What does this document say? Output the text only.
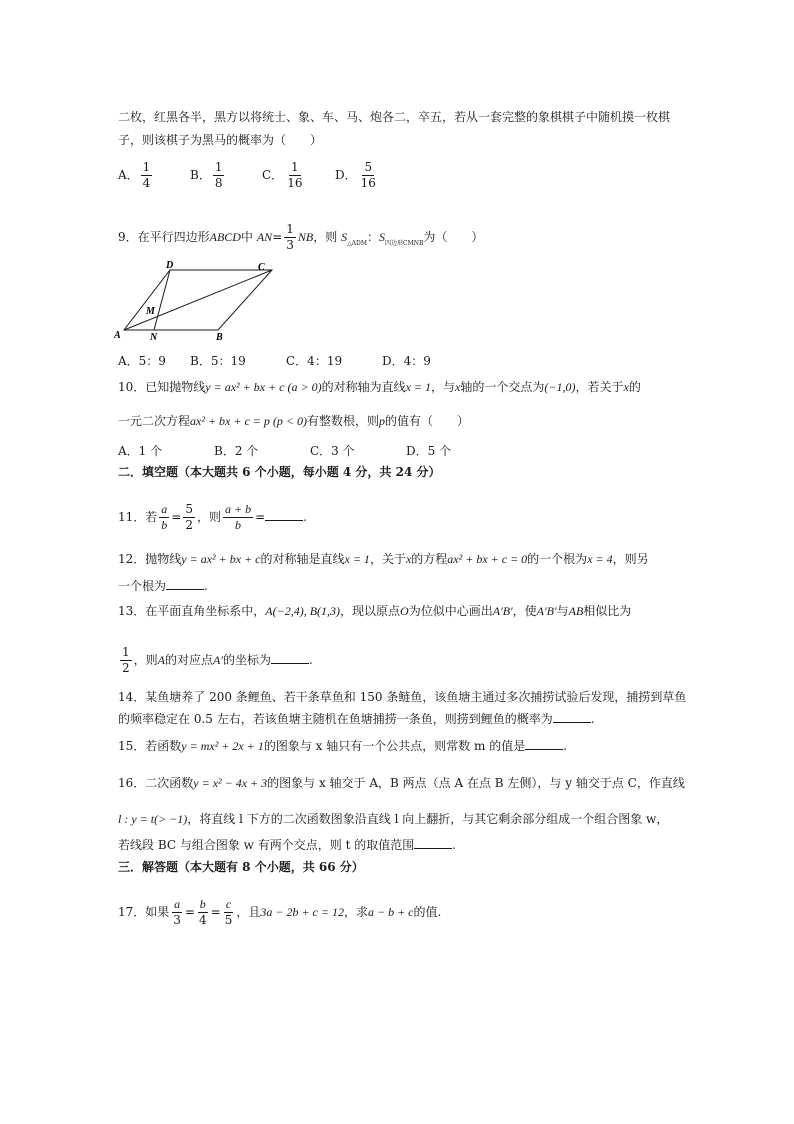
二枚，红黑各半，黑方以将统士、象、车、马、炮各二，卒五，若从一套完整的象棋棋子中随机摸一枚棋
子，则该棋子为黑马的概率为（　　）
A． $\frac{1}{4}$	B． $\frac{1}{8}$	C． $\frac{1}{16}$	D． $\frac{5}{16}$
9．在平行四边形ABCD中 $AN= \frac{1}{3}$ NB，则 $S_{\triangle ADM}$：$S_{四边形CMNB}$为（　　）
A	B
C
D
M
N
A．5：9 B．5：19	C．4：19	D．4：9
10．已知抛物线y = ax² + bx + c (a > 0)的对称轴为直线x = 1，与x轴的一个交点为(−1,0)，若关于x的
一元二次方程ax² + bx + c = p (p < 0)有整数根，则p的值有（　　）
A．1 个	B．2 个	C．3 个	D．5 个
二．填空题（本大题共 6 个小题，每小题 4 分，共 24 分）
11．若 $\frac{a}{b} = \frac{5}{2}$ ，则 $\frac{a + b}{b}$ =	.
12．抛物线y = ax² + bx + c的对称轴是直线x = 1，关于x的方程ax² + bx + c = 0的一个根为x = 4，则另
一个根为	.
13．在平面直角坐标系中，A(−2,4), B(1,3)，现以原点O为位似中心画出A′B′，使A′B′与AB相似比为
$\frac{1}{2}$ ，则A的对应点A′的坐标为	.
14．某鱼塘养了 200 条鲤鱼、若干条草鱼和 150 条鲢鱼，该鱼塘主通过多次捕捞试验后发现，捕捞到草鱼
的频率稳定在 0.5 左右，若该鱼塘主随机在鱼塘捕捞一条鱼，则捞到鲤鱼的概率为	.
15．若函数y = mx² + 2x + 1的图象与 x 轴只有一个公共点，则常数 m 的值是	.
16．二次函数y = x² − 4x + 3的图象与 x 轴交于 A，B 两点（点 A 在点 B 左侧），与 y 轴交于点 C，作直线
l : y = t(> −1)，将直线 l 下方的二次函数图象沿直线 l 向上翻折，与其它剩余部分组成一个组合图象 w，
若线段 BC 与组合图象 w 有两个交点，则 t 的取值范围	.
三．解答题（本大题有 8 个小题，共 66 分）
17．如果 $\frac{a}{3} = \frac{b}{4} = \frac{c}{5}$ ，且3a − 2b + c = 12，求a − b + c的值.
